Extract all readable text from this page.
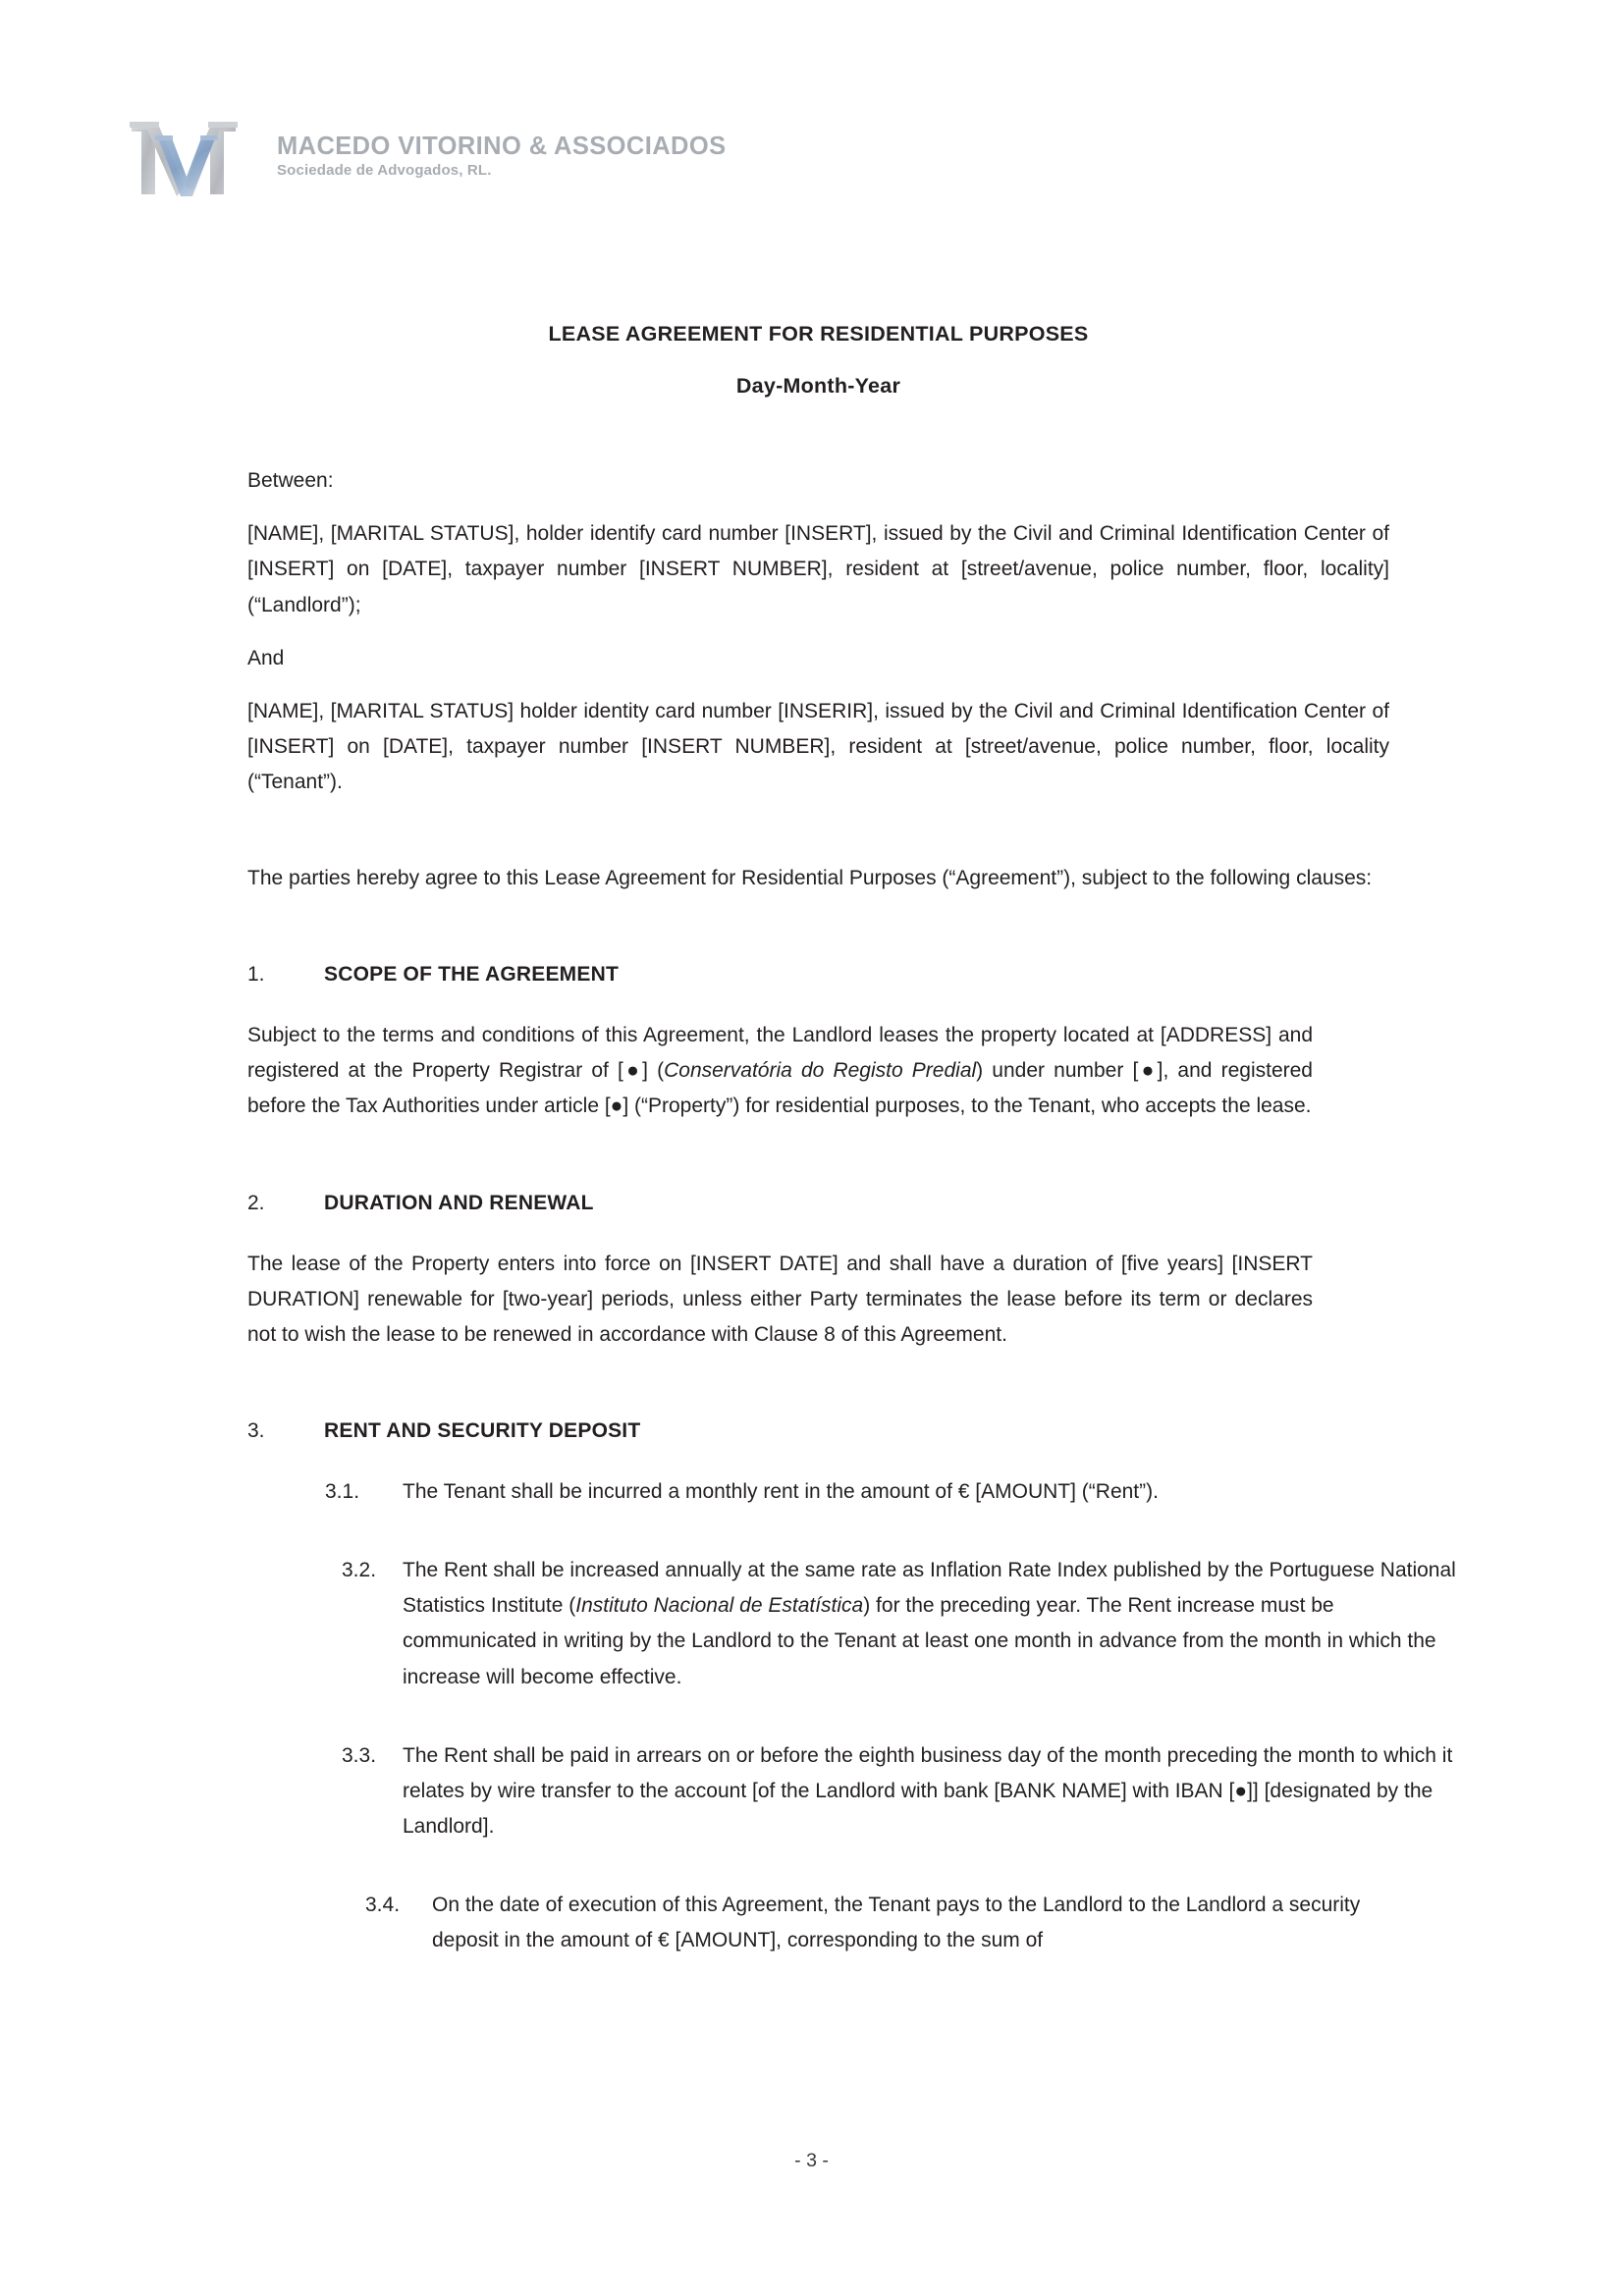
MACEDO VITORINO & ASSOCIADOS
Sociedade de Advogados, RL.
LEASE AGREEMENT FOR RESIDENTIAL PURPOSES
Day-Month-Year

Between:

[NAME], [MARITAL STATUS], holder identify card number [INSERT], issued by the Civil and Criminal Identification Center of [INSERT] on [DATE], taxpayer number [INSERT NUMBER], resident at [street/avenue, police number, floor, locality] (“Landlord”);

And

[NAME], [MARITAL STATUS] holder identity card number [INSERIR], issued by the Civil and Criminal Identification Center of [INSERT] on [DATE], taxpayer number [INSERT NUMBER], resident at [street/avenue, police number, floor, locality (“Tenant”).

The parties hereby agree to this Lease Agreement for Residential Purposes (“Agreement”), subject to the following clauses:

1.	SCOPE OF THE AGREEMENT

Subject to the terms and conditions of this Agreement, the Landlord leases the property located at [ADDRESS] and registered at the Property Registrar of [●] (Conservatória do Registo Predial) under number [●], and registered before the Tax Authorities under article [●] (“Property”) for residential purposes, to the Tenant, who accepts the lease.

2.	DURATION AND RENEWAL

The lease of the Property enters into force on [INSERT DATE] and shall have a duration of [five years] [INSERT DURATION] renewable for [two-year] periods, unless either Party terminates the lease before its term or declares not to wish the lease to be renewed in accordance with Clause 8 of this Agreement.

3.	RENT AND SECURITY DEPOSIT

3.1. The Tenant shall be incurred a monthly rent in the amount of € [AMOUNT] (“Rent”).

3.2. The Rent shall be increased annually at the same rate as Inflation Rate Index published by the Portuguese National Statistics Institute (Instituto Nacional de Estatística) for the preceding year. The Rent increase must be communicated in writing by the Landlord to the Tenant at least one month in advance from the month in which the increase will become effective.

3.3. The Rent shall be paid in arrears on or before the eighth business day of the month preceding the month to which it relates by wire transfer to the account [of the Landlord with bank [BANK NAME] with IBAN [●]] [designated by the Landlord].

3.4. On the date of execution of this Agreement, the Tenant pays to the Landlord to the Landlord a security deposit in the amount of € [AMOUNT], corresponding to the sum of

- 3 -
